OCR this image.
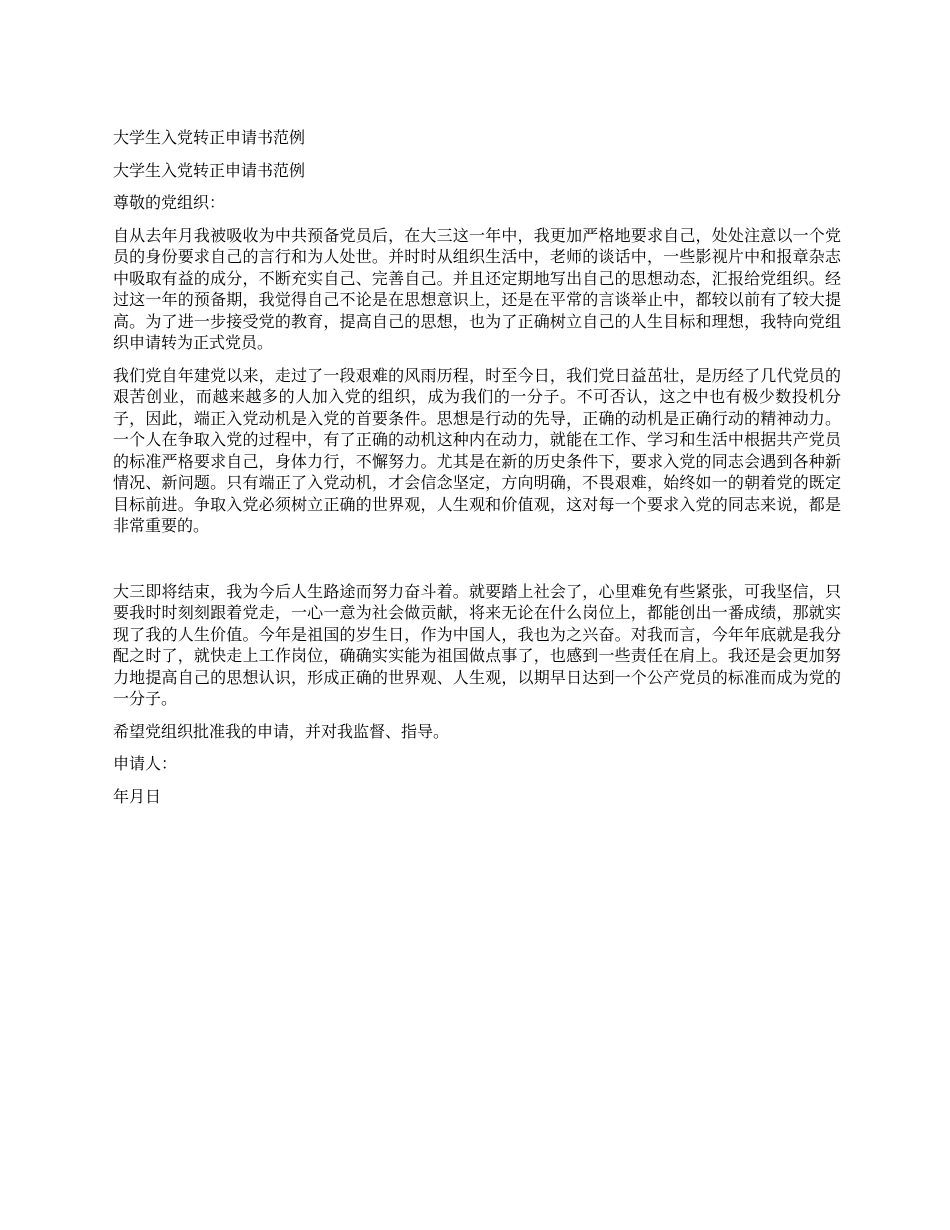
大学生入党转正申请书范例

大学生入党转正申请书范例

尊敬的党组织：

自从去年月我被吸收为中共预备党员后，在大三这一年中，我更加严格地要求自己，处处注意以一个党员的身份要求自己的言行和为人处世。并时时从组织生活中，老师的谈话中，一些影视片中和报章杂志中吸取有益的成分，不断充实自己、完善自己。并且还定期地写出自己的思想动态，汇报给党组织。经过这一年的预备期，我觉得自己不论是在思想意识上，还是在平常的言谈举止中，都较以前有了较大提高。为了进一步接受党的教育，提高自己的思想，也为了正确树立自己的人生目标和理想，我特向党组织申请转为正式党员。

我们党自年建党以来，走过了一段艰难的风雨历程，时至今日，我们党日益茁壮，是历经了几代党员的艰苦创业，而越来越多的人加入党的组织，成为我们的一分子。不可否认，这之中也有极少数投机分子，因此，端正入党动机是入党的首要条件。思想是行动的先导，正确的动机是正确行动的精神动力。一个人在争取入党的过程中，有了正确的动机这种内在动力，就能在工作、学习和生活中根据共产党员的标准严格要求自己，身体力行，不懈努力。尤其是在新的历史条件下，要求入党的同志会遇到各种新情况、新问题。只有端正了入党动机，才会信念坚定，方向明确，不畏艰难，始终如一的朝着党的既定目标前进。争取入党必须树立正确的世界观，人生观和价值观，这对每一个要求入党的同志来说，都是非常重要的。

大三即将结束，我为今后人生路途而努力奋斗着。就要踏上社会了，心里难免有些紧张，可我坚信，只要我时时刻刻跟着党走，一心一意为社会做贡献，将来无论在什么岗位上，都能创出一番成绩，那就实现了我的人生价值。今年是祖国的岁生日，作为中国人，我也为之兴奋。对我而言，今年年底就是我分配之时了，就快走上工作岗位，确确实实能为祖国做点事了，也感到一些责任在肩上。我还是会更加努力地提高自己的思想认识，形成正确的世界观、人生观，以期早日达到一个公产党员的标准而成为党的一分子。

希望党组织批准我的申请，并对我监督、指导。

申请人：

年月日
